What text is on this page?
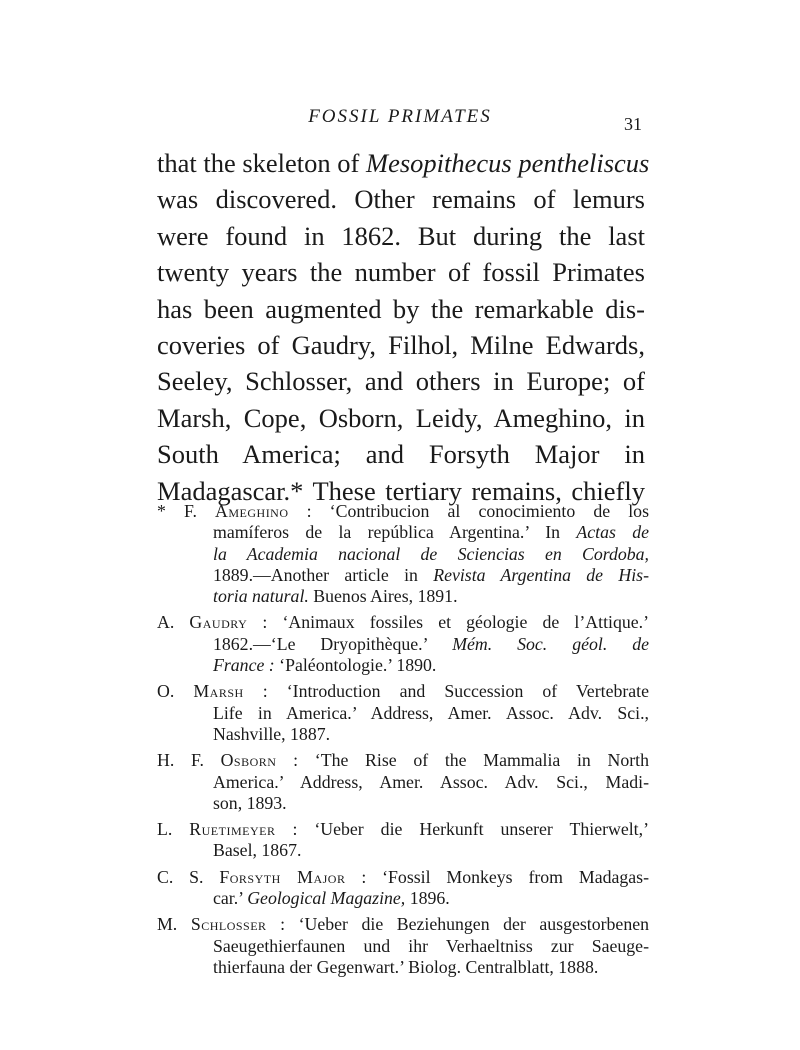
FOSSIL PRIMATES	31
that the skeleton of Mesopithecus pentheliscus
was discovered. Other remains of lemurs
were found in 1862. But during the last
twenty years the number of fossil Primates
has been augmented by the remarkable dis-
coveries of Gaudry, Filhol, Milne Edwards,
Seeley, Schlosser, and others in Europe; of
Marsh, Cope, Osborn, Leidy, Ameghino, in
South America; and Forsyth Major in
Madagascar.* These tertiary remains, chiefly
* F. Ameghino : ‘Contribucion al conocimiento de los
mamíferos de la república Argentina.’ In Actas de
la Academia nacional de Sciencias en Cordoba,
1889.—Another article in Revista Argentina de His-
toria natural. Buenos Aires, 1891.
A. Gaudry : ‘Animaux fossiles et géologie de l’Attique.’
1862.—‘Le Dryopithèque.’ Mém. Soc. géol. de
France : ‘Paléontologie.’ 1890.
O. Marsh : ‘Introduction and Succession of Vertebrate
Life in America.’ Address, Amer. Assoc. Adv. Sci.,
Nashville, 1887.
H. F. Osborn : ‘The Rise of the Mammalia in North
America.’ Address, Amer. Assoc. Adv. Sci., Madi-
son, 1893.
L. Ruetimeyer : ‘Ueber die Herkunft unserer Thierwelt,’
Basel, 1867.
C. S. Forsyth Major : ‘Fossil Monkeys from Madagas-
car.’ Geological Magazine, 1896.
M. Schlosser : ‘Ueber die Beziehungen der ausgestorbenen
Saeugethierfaunen und ihr Verhaeltniss zur Saeuge-
thierfauna der Gegenwart.’ Biolog. Centralblatt, 1888.
